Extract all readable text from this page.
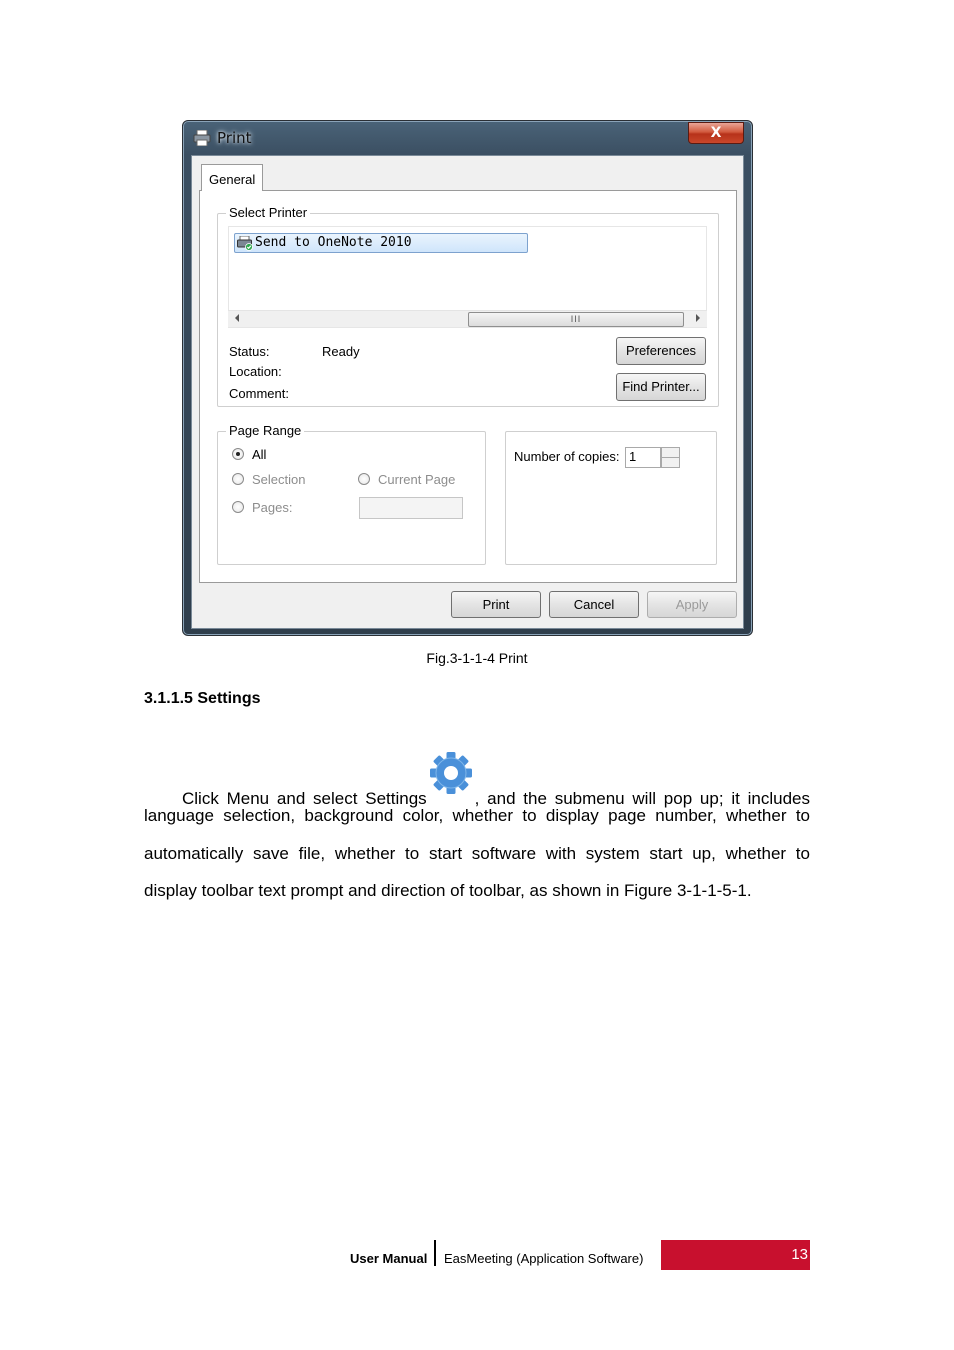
Print	X
General
Select Printer
Send to OneNote 2010
III
Status:	Ready
Location:
Comment:
Preferences
Find Printer...
Page Range
All
Selection	Current Page
Pages:
Number of copies: 1
Print	Cancel	Apply
Fig.3-1-1-4 Print
3.1.1.5 Settings
Click Menu and select Settings	, and the submenu will pop up; it includes
language selection, background color, whether to display page number, whether to
automatically save file, whether to start software with system start up, whether to
display toolbar text prompt and direction of toolbar, as shown in Figure 3-1-1-5-1.
User Manual EasMeeting (Application Software)	13
